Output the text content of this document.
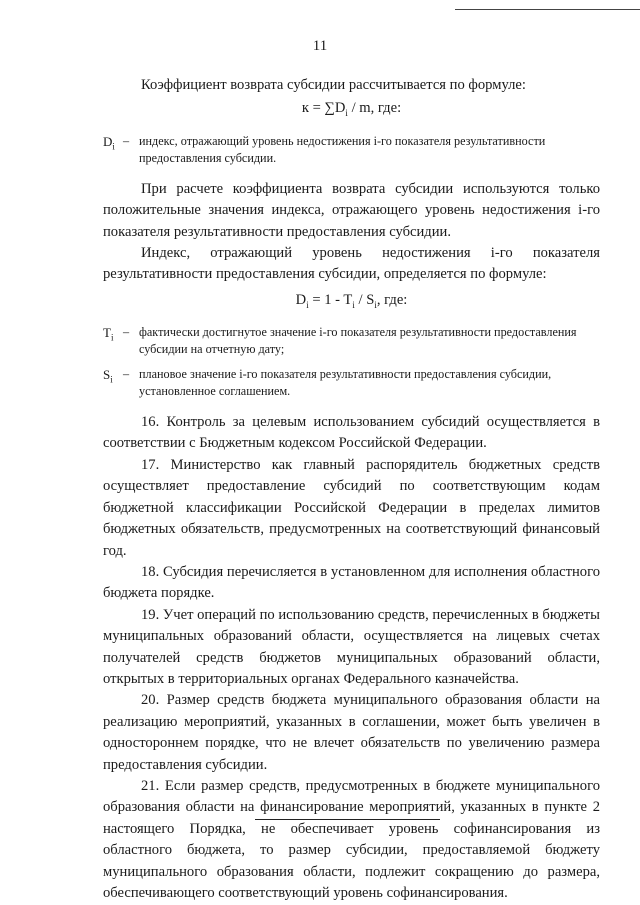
11

Коэффициент возврата субсидии рассчитывается по формуле:

$к = \sum D_i / m$, где:

$D_i$ – индекс, отражающий уровень недостижения i-го показателя результативности предоставления субсидии.

При расчете коэффициента возврата субсидии используются только положительные значения индекса, отражающего уровень недостижения i-го показателя результативности предоставления субсидии.

Индекс, отражающий уровень недостижения i-го показателя результативности предоставления субсидии, определяется по формуле:

$D_i = 1 - T_i / S_i$, где:

$T_i$ – фактически достигнутое значение i-го показателя результативности предоставления субсидии на отчетную дату;
$S_i$ – плановое значение i-го показателя результативности предоставления субсидии, установленное соглашением.

16. Контроль за целевым использованием субсидий осуществляется в соответствии с Бюджетным кодексом Российской Федерации.

17. Министерство как главный распорядитель бюджетных средств осуществляет предоставление субсидий по соответствующим кодам бюджетной классификации Российской Федерации в пределах лимитов бюджетных обязательств, предусмотренных на соответствующий финансовый год.

18. Субсидия перечисляется в установленном для исполнения областного бюджета порядке.

19. Учет операций по использованию средств, перечисленных в бюджеты муниципальных образований области, осуществляется на лицевых счетах получателей средств бюджетов муниципальных образований области, открытых в территориальных органах Федерального казначейства.

20. Размер средств бюджета муниципального образования области на реализацию мероприятий, указанных в соглашении, может быть увеличен в одностороннем порядке, что не влечет обязательств по увеличению размера предоставления субсидии.

21. Если размер средств, предусмотренных в бюджете муниципального образования области на финансирование мероприятий, указанных в пункте 2 настоящего Порядка, не обеспечивает уровень софинансирования из областного бюджета, то размер субсидии, предоставляемой бюджету муниципального образования области, подлежит сокращению до размера, обеспечивающего соответствующий уровень софинансирования.
